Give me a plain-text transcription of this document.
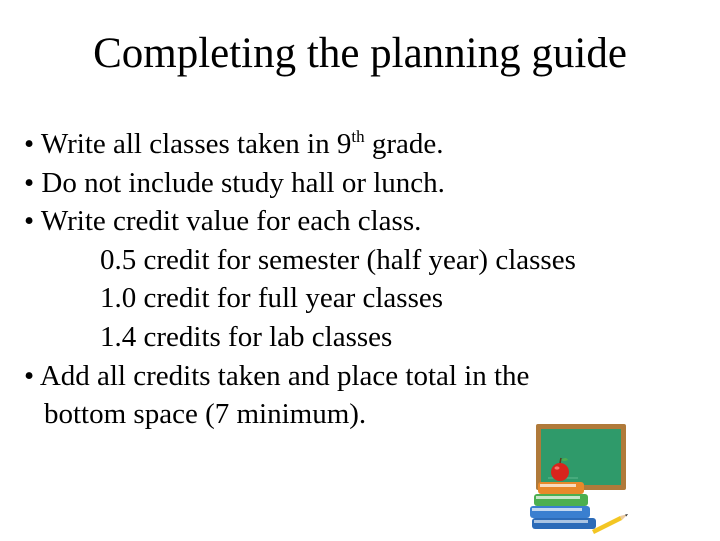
Completing the planning guide
• Write all classes taken in 9th grade.
• Do not include study hall or lunch.
• Write credit value for each class.
0.5 credit for semester (half year) classes
1.0 credit for full year classes
1.4 credits for lab classes
• Add all credits taken and place total in the
bottom space (7 minimum).
